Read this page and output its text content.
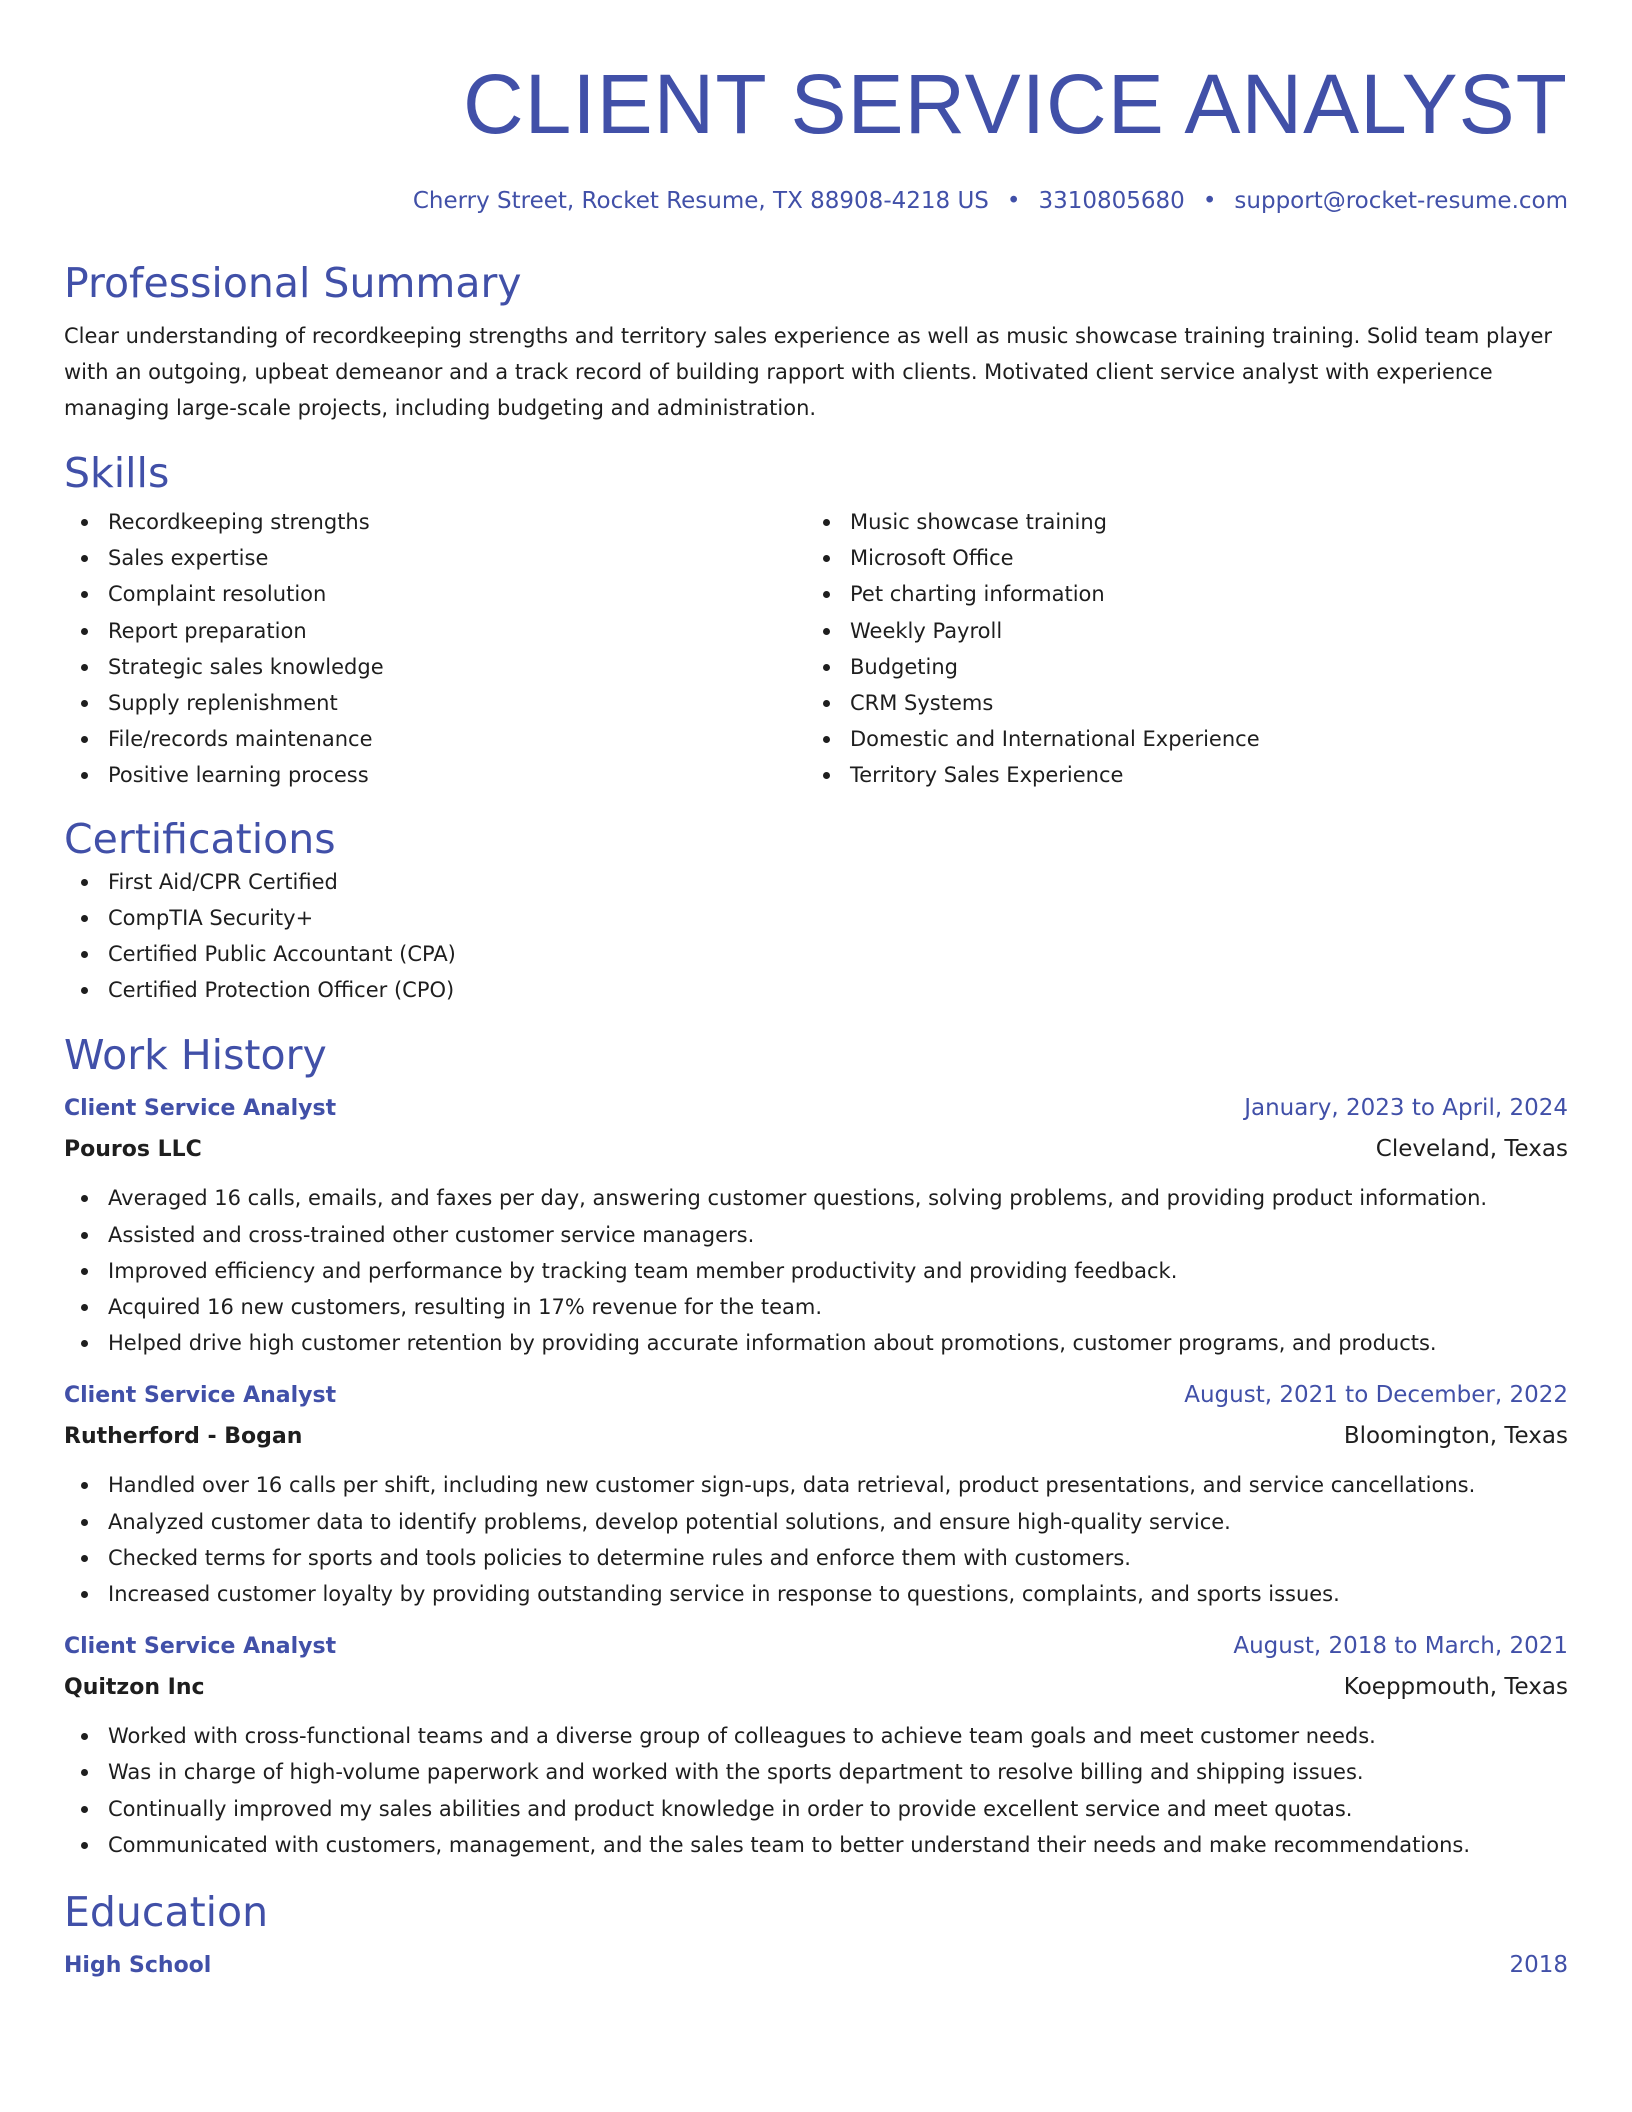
CLIENT SERVICE ANALYST
Cherry Street, Rocket Resume, TX 88908-4218 US • 3310805680 • support@rocket-resume.com
Professional Summary

Clear understanding of recordkeeping strengths and territory sales experience as well as music showcase training training. Solid team player with an outgoing, upbeat demeanor and a track record of building rapport with clients. Motivated client service analyst with experience managing large-scale projects, including budgeting and administration.

Skills
Recordkeeping strengths
Sales expertise
Complaint resolution
Report preparation
Strategic sales knowledge
Supply replenishment
File/records maintenance
Positive learning process
Music showcase training
Microsoft Office
Pet charting information
Weekly Payroll
Budgeting
CRM Systems
Domestic and International Experience
Territory Sales Experience
Certifications
First Aid/CPR Certified
CompTIA Security+
Certified Public Accountant (CPA)
Certified Protection Officer (CPO)
Work History
Client Service Analyst	January, 2023 to April, 2024
Pouros LLC	Cleveland, Texas
Averaged 16 calls, emails, and faxes per day, answering customer questions, solving problems, and providing product information.
Assisted and cross-trained other customer service managers.
Improved efficiency and performance by tracking team member productivity and providing feedback.
Acquired 16 new customers, resulting in 17% revenue for the team.
Helped drive high customer retention by providing accurate information about promotions, customer programs, and products.
Client Service Analyst	August, 2021 to December, 2022
Rutherford - Bogan	Bloomington, Texas
Handled over 16 calls per shift, including new customer sign-ups, data retrieval, product presentations, and service cancellations.
Analyzed customer data to identify problems, develop potential solutions, and ensure high-quality service.
Checked terms for sports and tools policies to determine rules and enforce them with customers.
Increased customer loyalty by providing outstanding service in response to questions, complaints, and sports issues.
Client Service Analyst	August, 2018 to March, 2021
Quitzon Inc	Koeppmouth, Texas
Worked with cross-functional teams and a diverse group of colleagues to achieve team goals and meet customer needs.
Was in charge of high-volume paperwork and worked with the sports department to resolve billing and shipping issues.
Continually improved my sales abilities and product knowledge in order to provide excellent service and meet quotas.
Communicated with customers, management, and the sales team to better understand their needs and make recommendations.
Education
High School	2018
